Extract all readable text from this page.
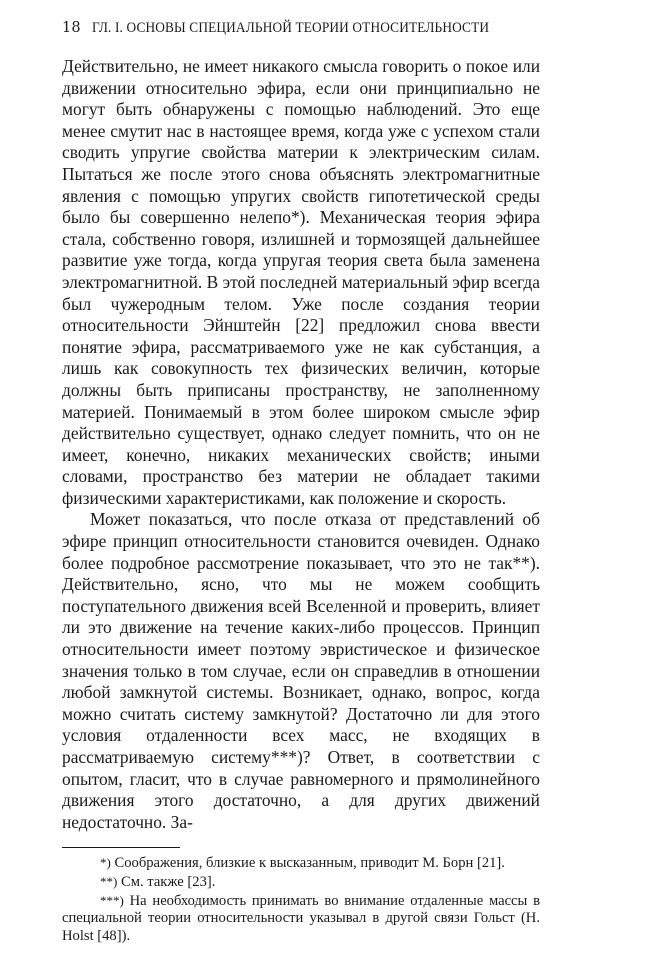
18 ГЛ. I. ОСНОВЫ СПЕЦИАЛЬНОЙ ТЕОРИИ ОТНОСИТЕЛЬНОСТИ

Действительно, не имеет никакого смысла говорить о покое или движении относительно эфира, если они принципиально не могут быть обнаружены с помощью наблюдений. Это еще менее смутит нас в настоящее время, когда уже с успехом стали сводить упругие свойства материи к электрическим силам. Пытаться же после этого снова объяснять электромагнитные явления с помощью упругих свойств гипотетической среды было бы совершенно нелепо*). Механическая теория эфира стала, собственно говоря, излишней и тормозящей дальнейшее развитие уже тогда, когда упругая теория света была заменена электромагнитной. В этой последней материальный эфир всегда был чужеродным телом. Уже после создания теории относительности Эйнштейн [22] предложил снова ввести понятие эфира, рассматриваемого уже не как субстанция, а лишь как совокупность тех физических величин, которые должны быть приписаны пространству, не заполненному материей. Понимаемый в этом более широком смысле эфир действительно существует, однако следует помнить, что он не имеет, конечно, никаких механических свойств; иными словами, пространство без материи не обладает такими физическими характеристиками, как положение и скорость.

Может показаться, что после отказа от представлений об эфире принцип относительности становится очевиден. Однако более подробное рассмотрение показывает, что это не так**). Действительно, ясно, что мы не можем сообщить поступательного движения всей Вселенной и проверить, влияет ли это движение на течение каких-либо процессов. Принцип относительности имеет поэтому эвристическое и физическое значения только в том случае, если он справедлив в отношении любой замкнутой системы. Возникает, однако, вопрос, когда можно считать систему замкнутой? Достаточно ли для этого условия отдаленности всех масс, не входящих в рассматриваемую систему***)? Ответ, в соответствии с опытом, гласит, что в случае равномерного и прямолинейного движения этого достаточно, а для других движений недостаточно. За-

*) Соображения, близкие к высказанным, приводит М. Борн [21].

**) См. также [23].

***) На необходимость принимать во внимание отдаленные массы в специальной теории относительности указывал в другой связи Гольст (H. Holst [48]).
